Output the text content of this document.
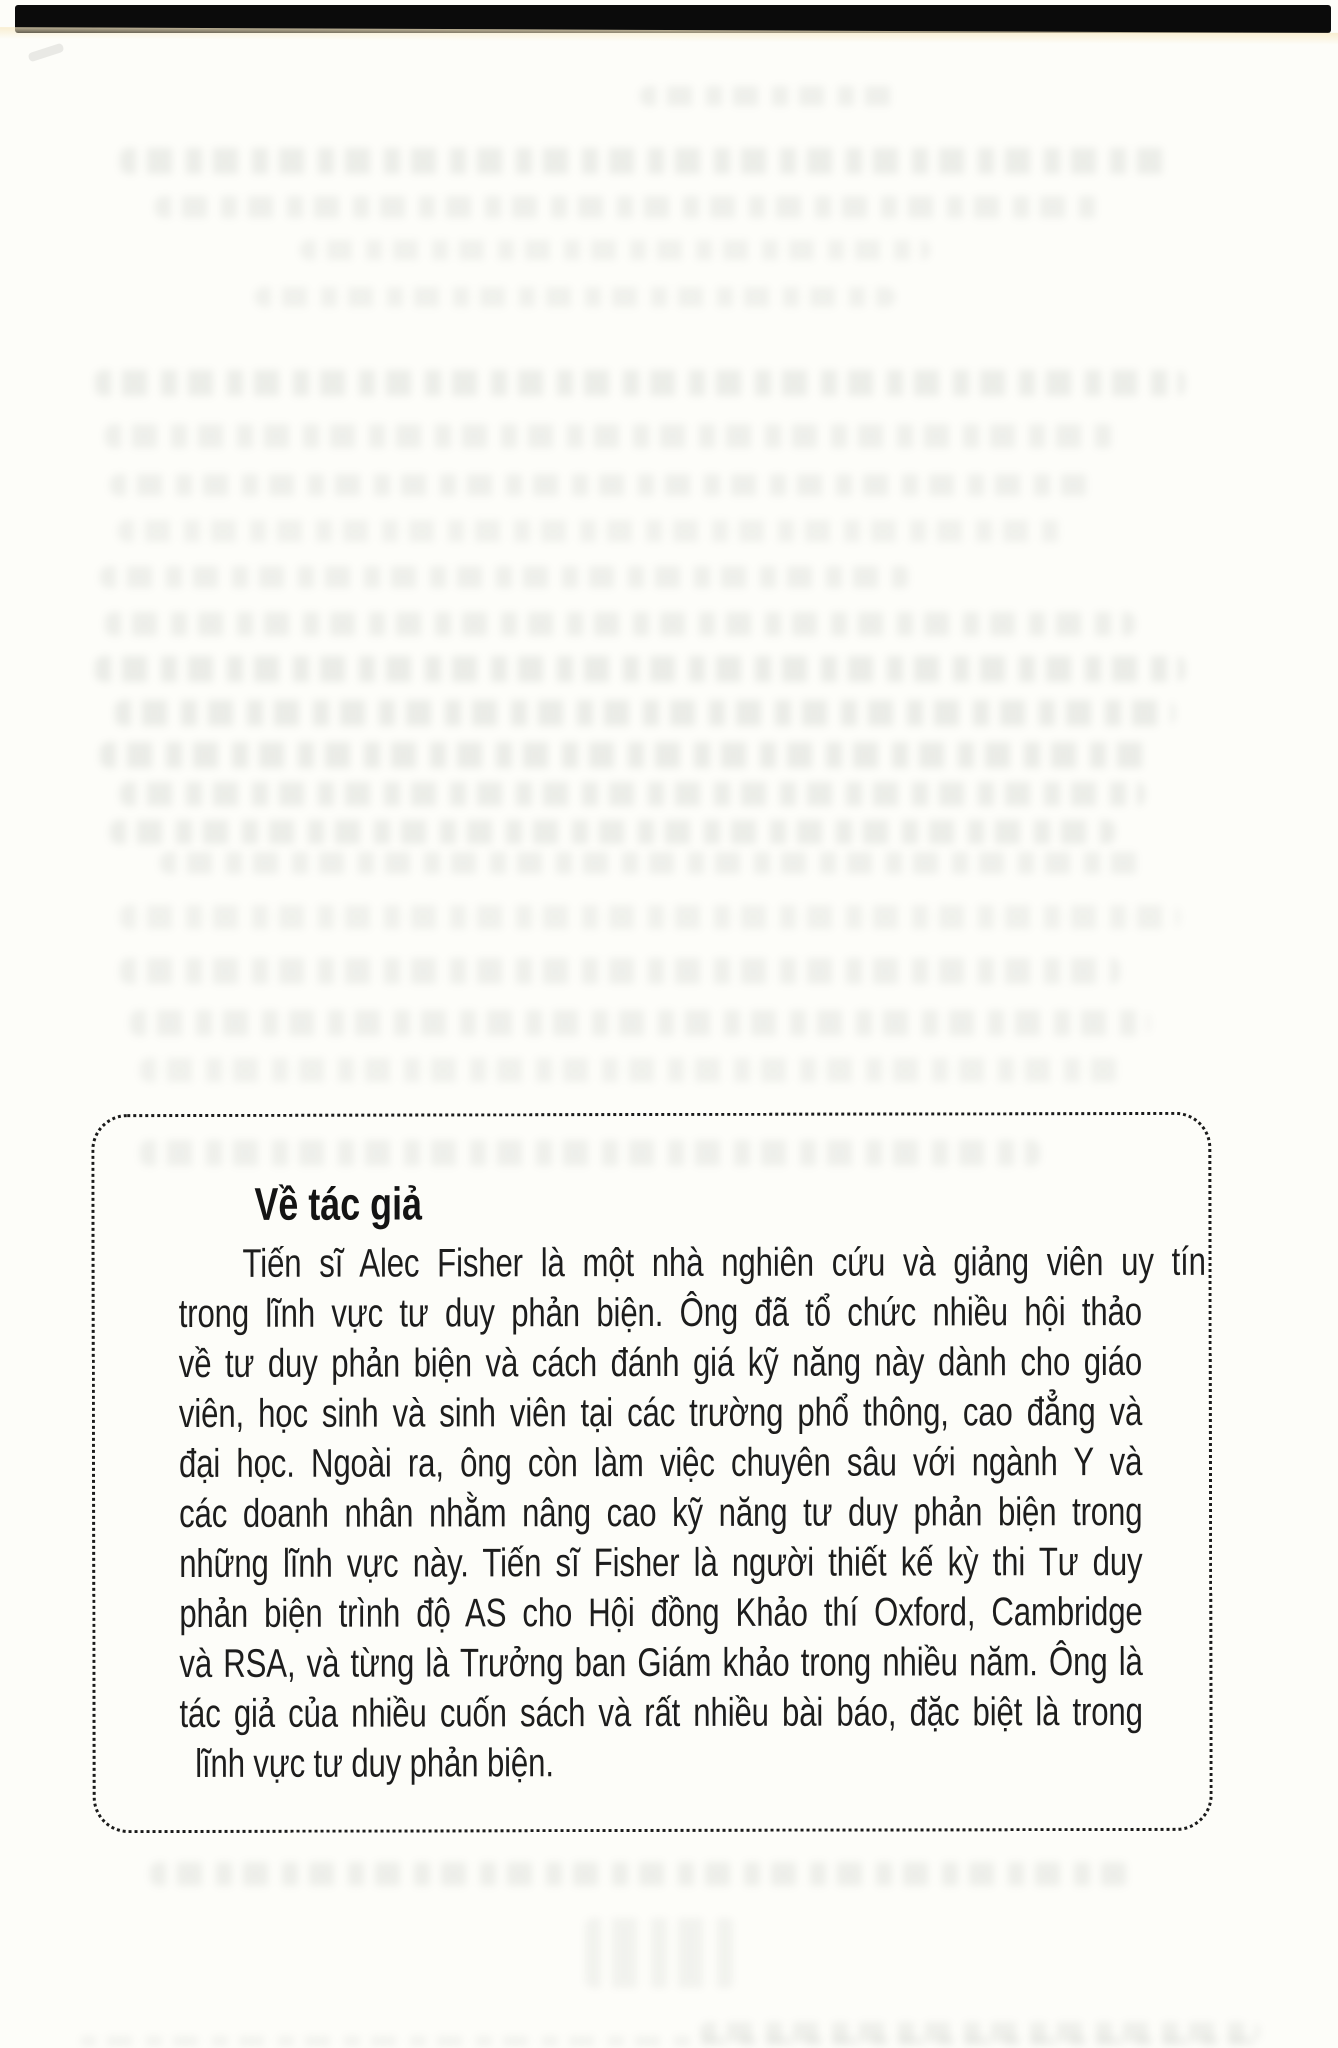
Về tác giả
Tiến sĩ Alec Fisher là một nhà nghiên cứu và giảng viên uy tín
trong lĩnh vực tư duy phản biện. Ông đã tổ chức nhiều hội thảo
về tư duy phản biện và cách đánh giá kỹ năng này dành cho giáo
viên, học sinh và sinh viên tại các trường phổ thông, cao đẳng và
đại học. Ngoài ra, ông còn làm việc chuyên sâu với ngành Y và
các doanh nhân nhằm nâng cao kỹ năng tư duy phản biện trong
những lĩnh vực này. Tiến sĩ Fisher là người thiết kế kỳ thi Tư duy
phản biện trình độ AS cho Hội đồng Khảo thí Oxford, Cambridge
và RSA, và từng là Trưởng ban Giám khảo trong nhiều năm. Ông là
tác giả của nhiều cuốn sách và rất nhiều bài báo, đặc biệt là trong
lĩnh vực tư duy phản biện.
